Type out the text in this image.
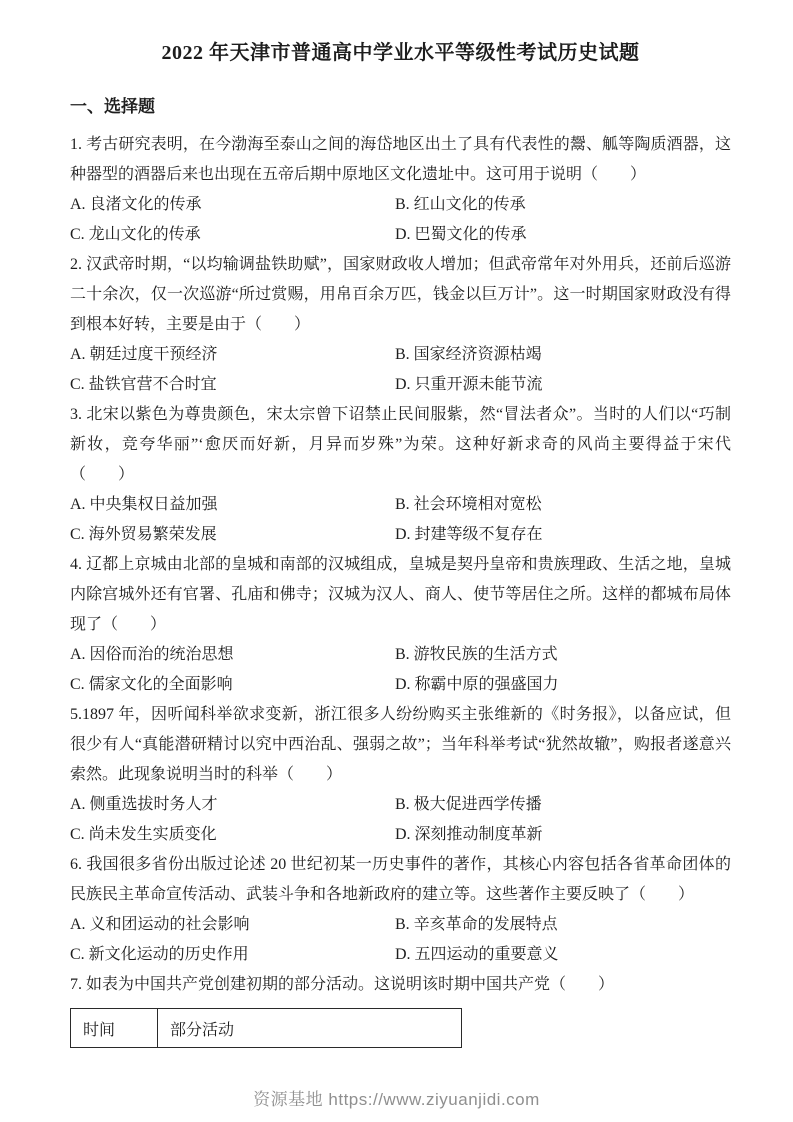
2022 年天津市普通高中学业水平等级性考试历史试题
一、选择题

1. 考古研究表明，在今渤海至泰山之间的海岱地区出土了具有代表性的鬶、觚等陶质酒器，这种器型的酒器后来也出现在五帝后期中原地区文化遗址中。这可用于说明（　　）

A. 良渚文化的传承	B. 红山文化的传承
C. 龙山文化的传承	D. 巴蜀文化的传承

2. 汉武帝时期，“以均输调盐铁助赋”，国家财政收人增加；但武帝常年对外用兵，还前后巡游二十余次，仅一次巡游“所过赏赐，用帛百余万匹，钱金以巨万计”。这一时期国家财政没有得到根本好转，主要是由于（　　）

A. 朝廷过度干预经济	B. 国家经济资源枯竭
C. 盐铁官营不合时宜	D. 只重开源未能节流

3. 北宋以紫色为尊贵颜色，宋太宗曾下诏禁止民间服紫，然“冒法者众”。当时的人们以“巧制新妆，竞夸华丽”‘愈厌而好新，月异而岁殊”为荣。这种好新求奇的风尚主要得益于宋代（　　）

A. 中央集权日益加强	B. 社会环境相对宽松
C. 海外贸易繁荣发展	D. 封建等级不复存在

4. 辽都上京城由北部的皇城和南部的汉城组成，皇城是契丹皇帝和贵族理政、生活之地，皇城内除宫城外还有官署、孔庙和佛寺；汉城为汉人、商人、使节等居住之所。这样的都城布局体现了（　　）

A. 因俗而治的统治思想	B. 游牧民族的生活方式
C. 儒家文化的全面影响	D. 称霸中原的强盛国力

5.1897 年，因听闻科举欲求变新，浙江很多人纷纷购买主张维新的《时务报》，以备应试，但很少有人“真能潜研精讨以究中西治乱、强弱之故”；当年科举考试“犹然故辙”，购报者遂意兴索然。此现象说明当时的科举（　　）

A. 侧重选拔时务人才	B. 极大促进西学传播
C. 尚未发生实质变化	D. 深刻推动制度革新

6. 我国很多省份出版过论述 20 世纪初某一历史事件的著作，其核心内容包括各省革命团体的民族民主革命宣传活动、武装斗争和各地新政府的建立等。这些著作主要反映了（　　）

A. 义和团运动的社会影响	B. 辛亥革命的发展特点
C. 新文化运动的历史作用	D. 五四运动的重要意义

7. 如表为中国共产党创建初期的部分活动。这说明该时期中国共产党（　　）

时间	部分活动
资源基地 https://www.ziyuanjidi.com
